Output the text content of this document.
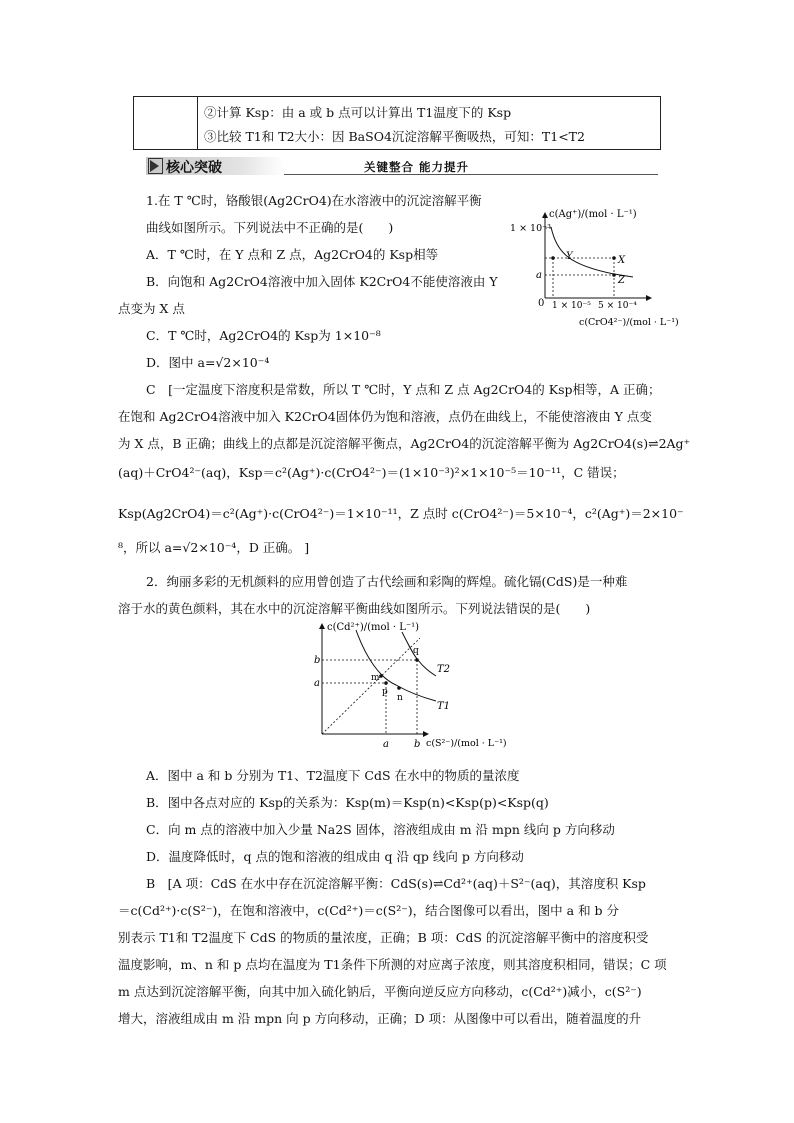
②计算 Ksp：由 a 或 b 点可以计算出 T1温度下的 Ksp
③比较 T1和 T2大小：因 BaSO4沉淀溶解平衡吸热，可知：T1<T2
核心突破	关键整合 能力提升
1.在 T ℃时，铬酸银(Ag2CrO4)在水溶液中的沉淀溶解平衡
曲线如图所示。下列说法中不正确的是(　　)
A．T ℃时，在 Y 点和 Z 点，Ag2CrO4的 Ksp相等
B．向饱和 Ag2CrO4溶液中加入固体 K2CrO4不能使溶液由 Y
点变为 X 点
C．T ℃时，Ag2CrO4的 Ksp为 1×10⁻⁸
D．图中 a=√2×10⁻⁴
C　[一定温度下溶度积是常数，所以 T ℃时，Y 点和 Z 点 Ag2CrO4的 Ksp相等，A 正确；
在饱和 Ag2CrO4溶液中加入 K2CrO4固体仍为饱和溶液，点仍在曲线上，不能使溶液由 Y 点变
为 X 点，B 正确；曲线上的点都是沉淀溶解平衡点，Ag2CrO4的沉淀溶解平衡为 Ag2CrO4(s)⇌2Ag⁺
(aq)＋CrO4²⁻(aq)，Ksp＝c²(Ag⁺)·c(CrO4²⁻)＝(1×10⁻³)²×1×10⁻⁵＝10⁻¹¹，C 错误；
Ksp(Ag2CrO4)＝c²(Ag⁺)·c(CrO4²⁻)＝1×10⁻¹¹，Z 点时 c(CrO4²⁻)＝5×10⁻⁴，c²(Ag⁺)＝2×10⁻
⁸，所以 a=√2×10⁻⁴，D 正确。 ]
c(Ag⁺)/(mol · L⁻¹)
1 × 10⁻³
a
Y	X
Z
0 1 × 10⁻⁵ 5 × 10⁻⁴
c(CrO4²⁻)/(mol · L⁻¹)
2．绚丽多彩的无机颜料的应用曾创造了古代绘画和彩陶的辉煌。硫化镉(CdS)是一种难
溶于水的黄色颜料，其在水中的沉淀溶解平衡曲线如图所示。下列说法错误的是(　　)
c(Cd²⁺)/(mol · L⁻¹)
b
a
a	b
q
m
p
n
T2
T1
c(S²⁻)/(mol · L⁻¹)
A．图中 a 和 b 分别为 T1、T2温度下 CdS 在水中的物质的量浓度
B．图中各点对应的 Ksp的关系为：Ksp(m)＝Ksp(n)<Ksp(p)<Ksp(q)
C．向 m 点的溶液中加入少量 Na2S 固体，溶液组成由 m 沿 mpn 线向 p 方向移动
D．温度降低时，q 点的饱和溶液的组成由 q 沿 qp 线向 p 方向移动
B　[A 项：CdS 在水中存在沉淀溶解平衡：CdS(s)⇌Cd²⁺(aq)＋S²⁻(aq)，其溶度积 Ksp
＝c(Cd²⁺)·c(S²⁻)，在饱和溶液中，c(Cd²⁺)＝c(S²⁻)，结合图像可以看出，图中 a 和 b 分
别表示 T1和 T2温度下 CdS 的物质的量浓度，正确；B 项：CdS 的沉淀溶解平衡中的溶度积受
温度影响，m、n 和 p 点均在温度为 T1条件下所测的对应离子浓度，则其溶度积相同，错误；C 项
m 点达到沉淀溶解平衡，向其中加入硫化钠后，平衡向逆反应方向移动，c(Cd²⁺)减小，c(S²⁻)
增大，溶液组成由 m 沿 mpn 向 p 方向移动，正确；D 项：从图像中可以看出，随着温度的升
